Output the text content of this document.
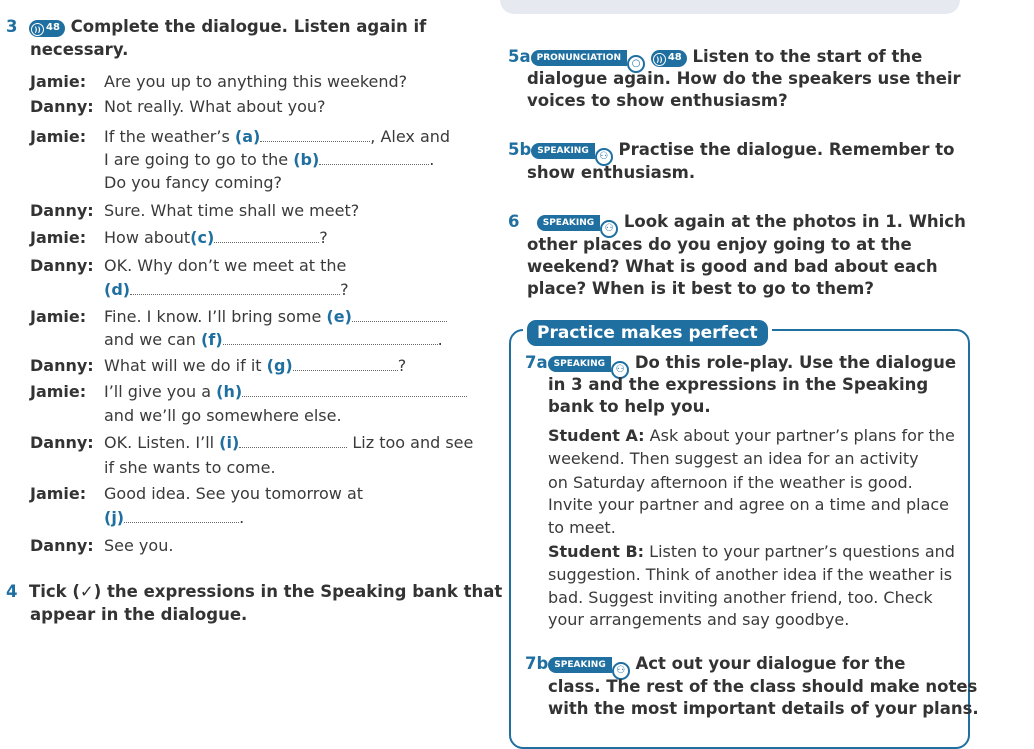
3 )) 48 Complete the dialogue. Listen again if
necessary.
Jamie: Are you up to anything this weekend?
Danny: Not really. What about you?
Jamie: If the weather’s (a)	, Alex and
I are going to go to the (b)	.
Do you fancy coming?
Danny: Sure. What time shall we meet?
Jamie: How about(c)	?
Danny: OK. Why don’t we meet at the
(d)	?
Jamie: Fine. I know. I’ll bring some (e)
and we can (f)	.
Danny: What will we do if it (g)	?
Jamie: I’ll give you a (h)
and we’ll go somewhere else.
Danny: OK. Listen. I’ll (i)	Liz too and see
if she wants to come.
Jamie: Good idea. See you tomorrow at
(j)	.
Danny: See you.
4 Tick (✓) the expressions in the Speaking bank that
appear in the dialogue.
5a PRONUNCIATION ○ )) 48 Listen to the start of the
dialogue again. How do the speakers use their
voices to show enthusiasm?
5b SPEAKING ⚇ Practise the dialogue. Remember to
show enthusiasm.
6	SPEAKING ⚇ Look again at the photos in 1. Which
other places do you enjoy going to at the
weekend? What is good and bad about each
place? When is it best to go to them?
Practice makes perfect
7a SPEAKING ⚇ Do this role-play. Use the dialogue
in 3 and the expressions in the Speaking
bank to help you.
Student A: Ask about your partner’s plans for the
weekend. Then suggest an idea for an activity
on Saturday afternoon if the weather is good.
Invite your partner and agree on a time and place
to meet.
Student B: Listen to your partner’s questions and
suggestion. Think of another idea if the weather is
bad. Suggest inviting another friend, too. Check
your arrangements and say goodbye.
7b SPEAKING ⚇ Act out your dialogue for the
class. The rest of the class should make notes
with the most important details of your plans.
